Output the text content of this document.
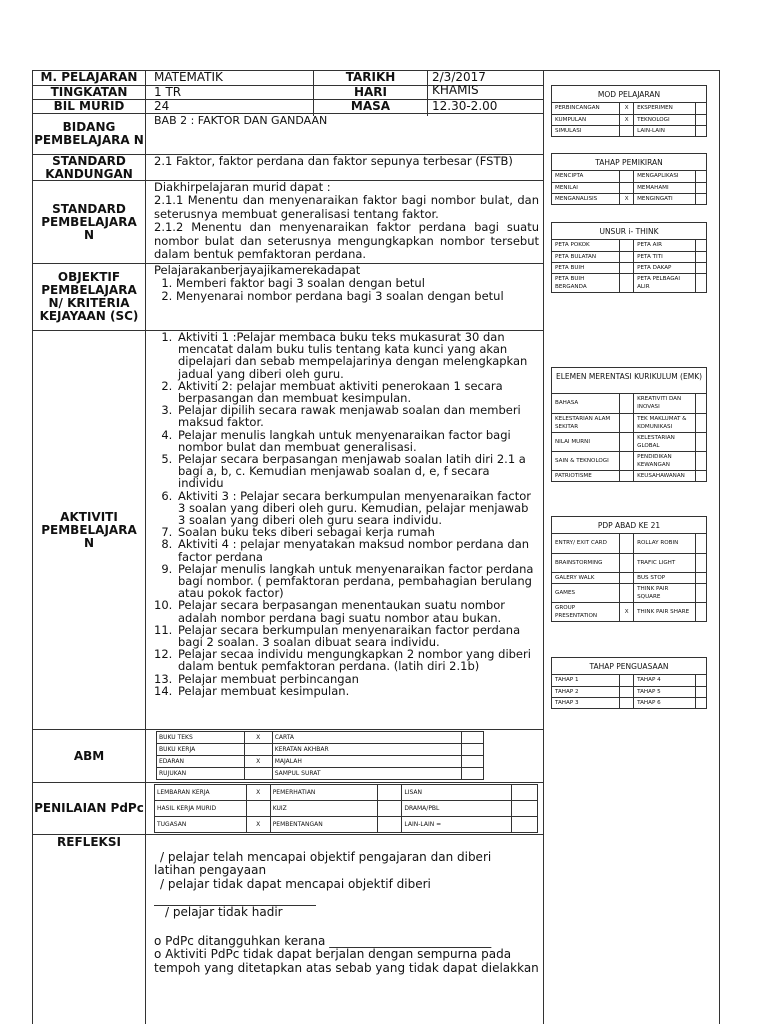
M. PELAJARAN	MATEMATIK	TARIKH	2/3/2017
TINGKATAN	1 TR	HARI	KHAMIS
BIL MURID	24	MASA	12.30-2.00
BIDANG PEMBELAJARA N
BAB 2 : FAKTOR DAN GANDAAN
STANDARD KANDUNGAN
2.1 Faktor, faktor perdana dan faktor sepunya terbesar (FSTB)
STANDARD PEMBELAJARA N
Diakhirpelajaran murid dapat :
2.1.1 Menentu dan menyenaraikan faktor bagi nombor bulat, dan seterusnya membuat generalisasi tentang faktor.
2.1.2 Menentu dan menyenaraikan faktor perdana bagi suatu nombor bulat dan seterusnya mengungkapkan nombor tersebut dalam bentuk pemfaktoran perdana.
OBJEKTIF PEMBELAJARA N/ KRITERIA KEJAYAAN (SC)
Pelajarakanberjayajikamerekadapat
1. Memberi faktor bagi 3 soalan dengan betul
2. Menyenarai nombor perdana bagi 3 soalan dengan betul
AKTIVITI PEMBELAJARA N
1. Aktiviti 1 :Pelajar membaca buku teks mukasurat 30 dan mencatat dalam buku tulis tentang kata kunci yang akan dipelajari dan sebab mempelajarinya dengan melengkapkan jadual yang diberi oleh guru.
2. Aktiviti 2: pelajar membuat aktiviti penerokaan 1 secara berpasangan dan membuat kesimpulan.
3. Pelajar dipilih secara rawak menjawab soalan dan memberi maksud faktor.
4. Pelajar menulis langkah untuk menyenaraikan factor bagi nombor bulat dan membuat generalisasi.
5. Pelajar secara berpasangan menjawab soalan latih diri 2.1 a bagi a, b, c. Kemudian menjawab soalan d, e, f secara individu
6. Aktiviti 3 : Pelajar secara berkumpulan menyenaraikan factor 3 soalan yang diberi oleh guru. Kemudian, pelajar menjawab 3 soalan yang diberi oleh guru seara individu.
7. Soalan buku teks diberi sebagai kerja rumah
8. Aktiviti 4 : pelajar menyatakan maksud nombor perdana dan factor perdana
9. Pelajar menulis langkah untuk menyenaraikan factor perdana bagi nombor. ( pemfaktoran perdana, pembahagian berulang atau pokok factor)
10. Pelajar secara berpasangan menentaukan suatu nombor adalah nombor perdana bagi suatu nombor atau bukan.
11. Pelajar secara berkumpulan menyenaraikan factor perdana bagi 2 soalan. 3 soalan dibuat seara individu.
12. Pelajar secaa individu mengungkapkan 2 nombor yang diberi dalam bentuk pemfaktoran perdana. (latih diri 2.1b)
13. Pelajar membuat perbincangan
14. Pelajar membuat kesimpulan.
ABM
BUKU TEKS	X	CARTA	
BUKU KERJA		KERATAN AKHBAR	
EDARAN	X	MAJALAH	
RUJUKAN		SAMPUL SURAT	
PENILAIAN PdPc
LEMBARAN KERJA	X	PEMERHATIAN		LISAN	
HASIL KERJA MURID		KUIZ		DRAMA/PBL	
TUGASAN	X	PEMBENTANGAN		LAIN-LAIN =	
REFLEKSI
/ pelajar telah mencapai objektif pengajaran dan diberi
latihan pengayaan
/ pelajar tidak dapat mencapai objektif diberi
/ pelajar tidak hadir
o PdPc ditangguhkan kerana ___________________________
o Aktiviti PdPc tidak dapat berjalan dengan sempurna pada
tempoh yang ditetapkan atas sebab yang tidak dapat dielakkan
MOD PELAJARAN
PERBINCANGAN	X	EKSPERIMEN	
KUMPULAN	X	TEKNOLOGI	
SIMULASI		LAIN-LAIN	
TAHAP PEMIKIRAN
MENCIPTA		MENGAPLIKASI	
MENILAI		MEMAHAMI	
MENGANALISIS	X	MENGINGATI	
UNSUR i- THINK
PETA POKOK		PETA AIR	
PETA BULATAN		PETA TITI	
PETA BUIH		PETA DAKAP	
PETA BUIH BERGANDA		PETA PELBAGAI ALIR	
ELEMEN MERENTASI KURIKULUM (EMK)
BAHASA		KREATIVITI DAN INOVASI	
KELESTARIAN ALAM SEKITAR		TEK MAKLUMAT & KOMUNIKASI	
NILAI MURNI		KELESTARIAN GLOBAL	
SAIN & TEKNOLOGI		PENDIDIKAN KEWANGAN	
PATRIOTISME		KEUSAHAWANAN	
PDP ABAD KE 21
ENTRY/ EXIT CARD		ROLLAY ROBIN	
BRAINSTORMING		TRAFIC LIGHT	
GALERY WALK		BUS STOP	
GAMES		THINK PAIR SQUARE	
GROUP PRESENTATION	X	THINK PAIR SHARE	
TAHAP PENGUASAAN
TAHAP 1		TAHAP 4	
TAHAP 2		TAHAP 5	
TAHAP 3		TAHAP 6	
